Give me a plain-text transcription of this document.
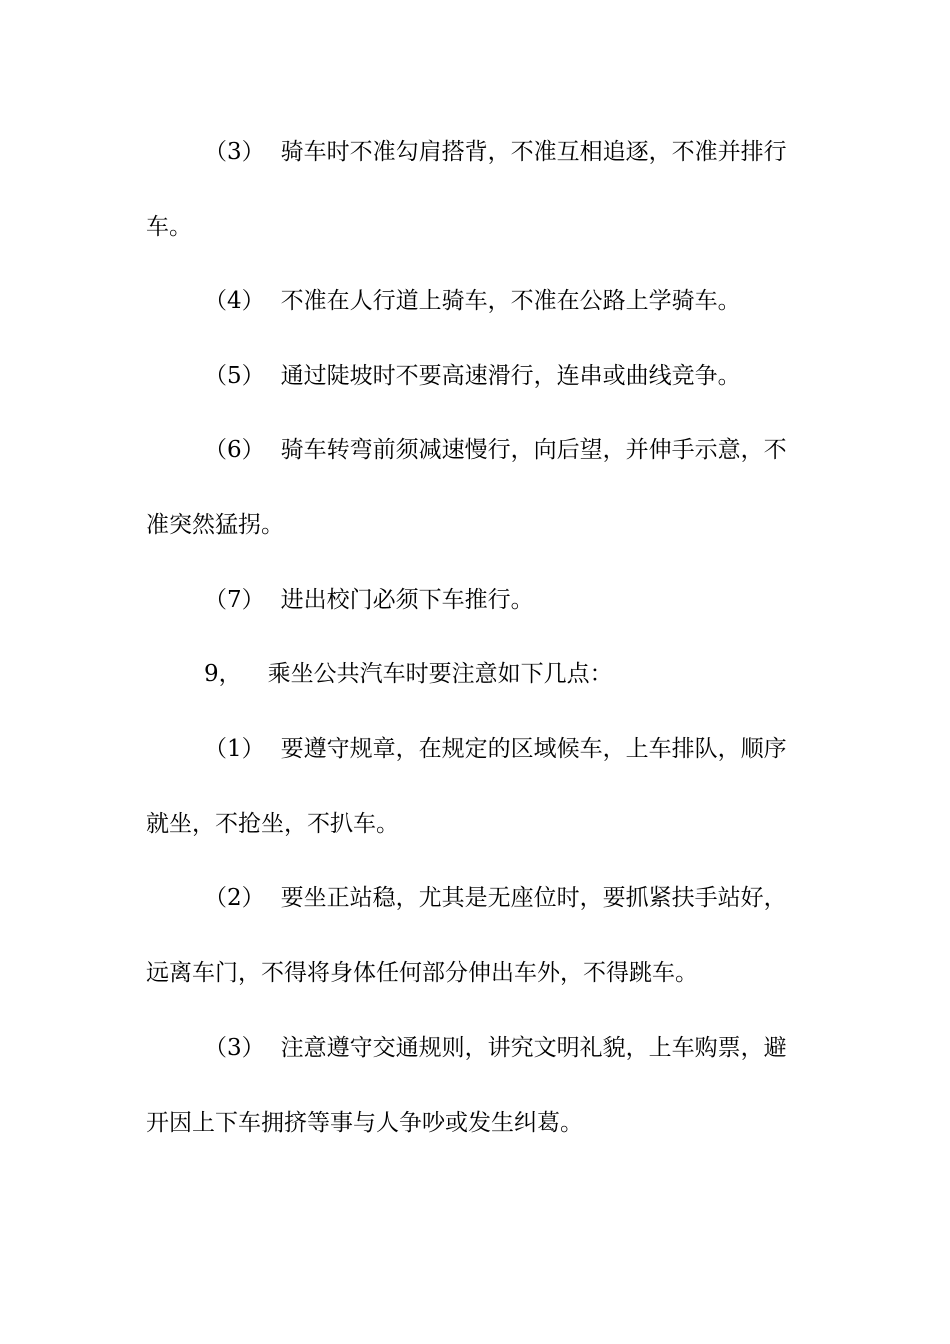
（3） 骑车时不准勾肩搭背，不准互相追逐，不准并排行
车。
（4） 不准在人行道上骑车，不准在公路上学骑车。
（5） 通过陡坡时不要高速滑行，连串或曲线竞争。
（6） 骑车转弯前须减速慢行，向后望，并伸手示意，不
准突然猛拐。
（7） 进出校门必须下车推行。
9， 乘坐公共汽车时要注意如下几点：
（1） 要遵守规章，在规定的区域候车，上车排队，顺序
就坐，不抢坐，不扒车。
（2） 要坐正站稳，尤其是无座位时，要抓紧扶手站好，
远离车门，不得将身体任何部分伸出车外，不得跳车。
（3） 注意遵守交通规则，讲究文明礼貌，上车购票，避
开因上下车拥挤等事与人争吵或发生纠葛。
